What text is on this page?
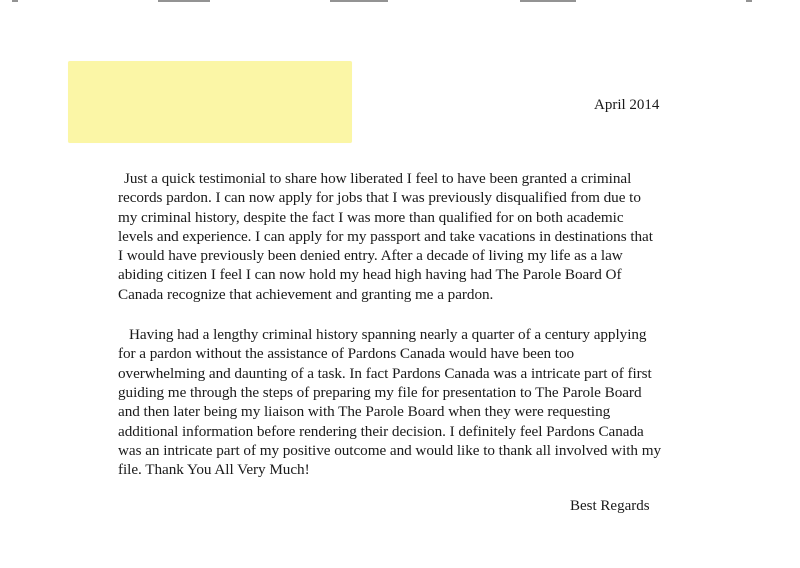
April 2014

Just a quick testimonial to share how liberated I feel to have been granted a criminal
records pardon. I can now apply for jobs that I was previously disqualified from due to
my criminal history, despite the fact I was more than qualified for on both academic
levels and experience. I can apply for my passport and take vacations in destinations that
I would have previously been denied entry. After a decade of living my life as a law
abiding citizen I feel I can now hold my head high having had The Parole Board Of
Canada recognize that achievement and granting me a pardon.

Having had a lengthy criminal history spanning nearly a quarter of a century applying
for a pardon without the assistance of Pardons Canada would have been too
overwhelming and daunting of a task. In fact Pardons Canada was a intricate part of first
guiding me through the steps of preparing my file for presentation to The Parole Board
and then later being my liaison with The Parole Board when they were requesting
additional information before rendering their decision. I definitely feel Pardons Canada
was an intricate part of my positive outcome and would like to thank all involved with my
file. Thank You All Very Much!

Best Regards
